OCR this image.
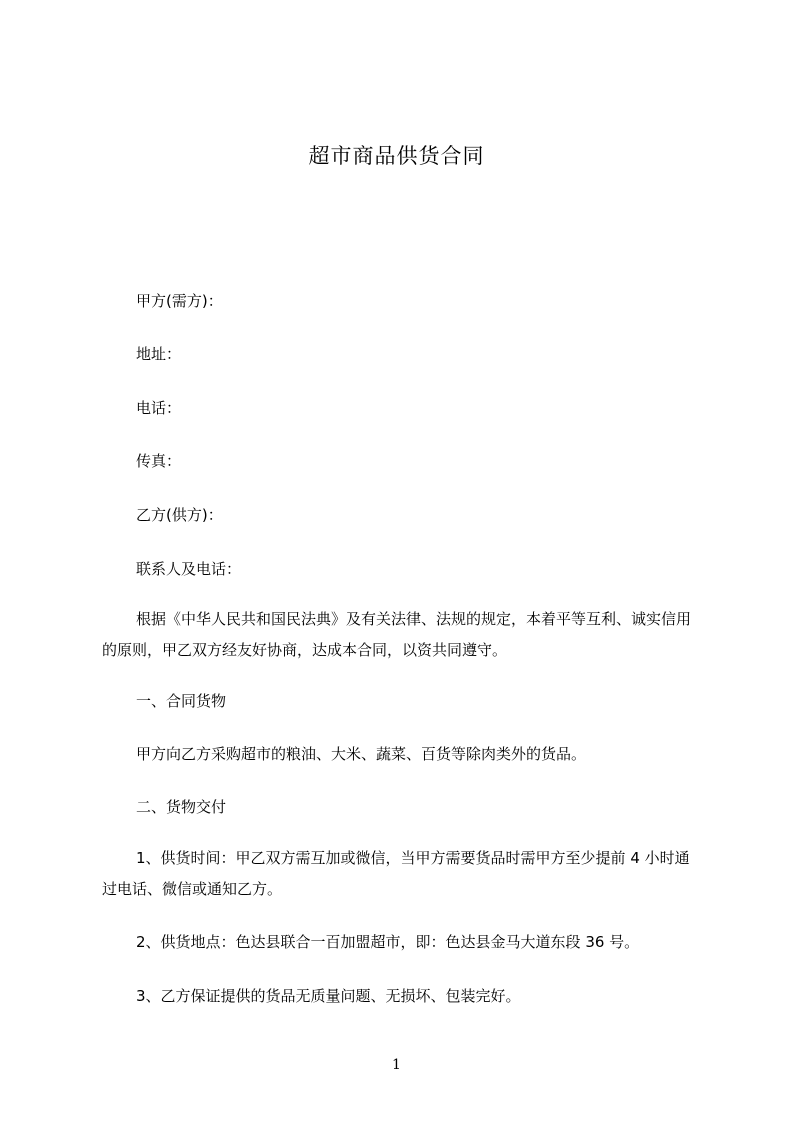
超市商品供货合同
甲方(需方)：
地址：
电话：
传真：
乙方(供方)：
联系人及电话：
根据《中华人民共和国民法典》及有关法律、法规的规定，本着平等互利、诚实信用的原则，甲乙双方经友好协商，达成本合同，以资共同遵守。
一、合同货物
甲方向乙方采购超市的粮油、大米、蔬菜、百货等除肉类外的货品。
二、货物交付
1、供货时间：甲乙双方需互加或微信，当甲方需要货品时需甲方至少提前 4 小时通过电话、微信或通知乙方。
2、供货地点：色达县联合一百加盟超市，即：色达县金马大道东段 36 号。
3、乙方保证提供的货品无质量问题、无损坏、包装完好。
1
